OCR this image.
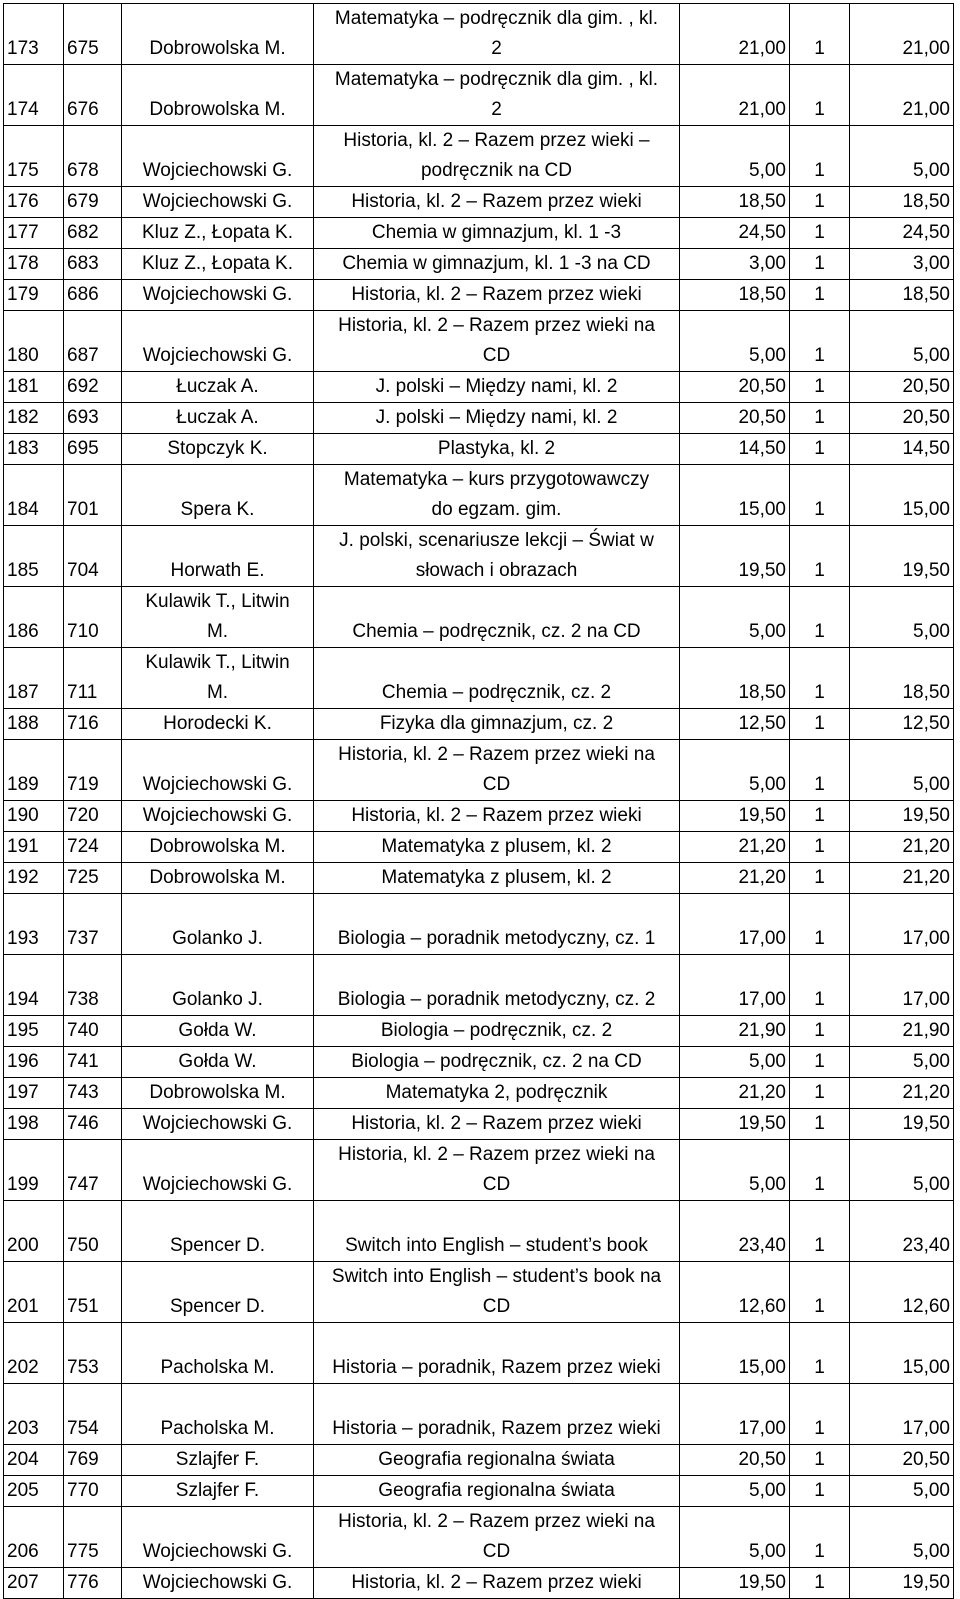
173	675	Dobrowolska M.	Matematyka – podręcznik dla gim. , kl.
2	21,00	1	21,00
174	676	Dobrowolska M.	Matematyka – podręcznik dla gim. , kl.
2	21,00	1	21,00
175	678	Wojciechowski G.	Historia, kl. 2 – Razem przez wieki –
podręcznik na CD	5,00	1	5,00
176	679	Wojciechowski G.	Historia, kl. 2 – Razem przez wieki	18,50	1	18,50
177	682	Kluz Z., Łopata K.	Chemia w gimnazjum, kl. 1 -3	24,50	1	24,50
178	683	Kluz Z., Łopata K.	Chemia w gimnazjum, kl. 1 -3 na CD	3,00	1	3,00
179	686	Wojciechowski G.	Historia, kl. 2 – Razem przez wieki	18,50	1	18,50
180	687	Wojciechowski G.	Historia, kl. 2 – Razem przez wieki na
CD	5,00	1	5,00
181	692	Łuczak A.	J. polski – Między nami, kl. 2	20,50	1	20,50
182	693	Łuczak A.	J. polski – Między nami, kl. 2	20,50	1	20,50
183	695	Stopczyk K.	Plastyka, kl. 2	14,50	1	14,50
184	701	Spera K.	Matematyka – kurs przygotowawczy
do egzam. gim.	15,00	1	15,00
185	704	Horwath E.	J. polski, scenariusze lekcji – Świat w
słowach i obrazach	19,50	1	19,50
186	710	Kulawik T., Litwin
M.	Chemia – podręcznik, cz. 2 na CD	5,00	1	5,00
187	711	Kulawik T., Litwin
M.	Chemia – podręcznik, cz. 2	18,50	1	18,50
188	716	Horodecki K.	Fizyka dla gimnazjum, cz. 2	12,50	1	12,50
189	719	Wojciechowski G.	Historia, kl. 2 – Razem przez wieki na
CD	5,00	1	5,00
190	720	Wojciechowski G.	Historia, kl. 2 – Razem przez wieki	19,50	1	19,50
191	724	Dobrowolska M.	Matematyka z plusem, kl. 2	21,20	1	21,20
192	725	Dobrowolska M.	Matematyka z plusem, kl. 2	21,20	1	21,20
193	737	Golanko J.	Biologia – poradnik metodyczny, cz. 1	17,00	1	17,00
194	738	Golanko J.	Biologia – poradnik metodyczny, cz. 2	17,00	1	17,00
195	740	Gołda W.	Biologia – podręcznik, cz. 2	21,90	1	21,90
196	741	Gołda W.	Biologia – podręcznik, cz. 2 na CD	5,00	1	5,00
197	743	Dobrowolska M.	Matematyka 2, podręcznik	21,20	1	21,20
198	746	Wojciechowski G.	Historia, kl. 2 – Razem przez wieki	19,50	1	19,50
199	747	Wojciechowski G.	Historia, kl. 2 – Razem przez wieki na
CD	5,00	1	5,00
200	750	Spencer D.	Switch into English – student’s book	23,40	1	23,40
201	751	Spencer D.	Switch into English – student’s book na
CD	12,60	1	12,60
202	753	Pacholska M.	Historia – poradnik, Razem przez wieki	15,00	1	15,00
203	754	Pacholska M.	Historia – poradnik, Razem przez wieki	17,00	1	17,00
204	769	Szlajfer F.	Geografia regionalna świata	20,50	1	20,50
205	770	Szlajfer F.	Geografia regionalna świata	5,00	1	5,00
206	775	Wojciechowski G.	Historia, kl. 2 – Razem przez wieki na
CD	5,00	1	5,00
207	776	Wojciechowski G.	Historia, kl. 2 – Razem przez wieki	19,50	1	19,50
